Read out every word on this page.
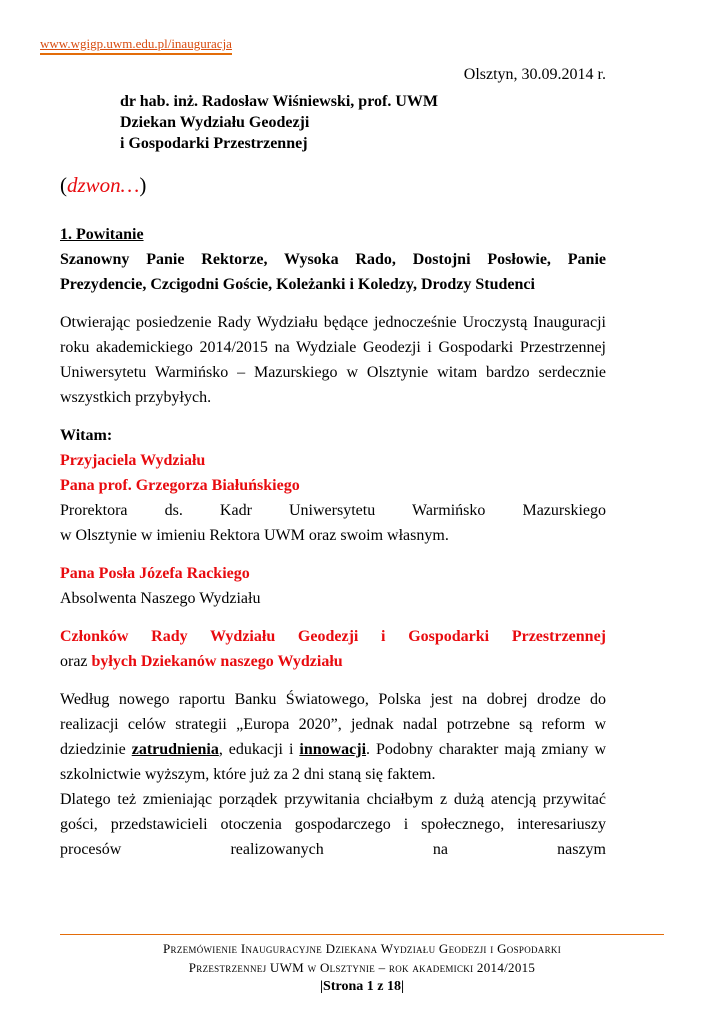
www.wgigp.uwm.edu.pl/inauguracja
Olsztyn, 30.09.2014 r.
dr hab. inż. Radosław Wiśniewski, prof. UWM
Dziekan Wydziału Geodezji
i Gospodarki Przestrzennej
(dzwon…)
1. Powitanie
Szanowny Panie Rektorze, Wysoka Rado, Dostojni Posłowie, Panie Prezydencie, Czcigodni Goście, Koleżanki i Koledzy, Drodzy Studenci
Otwierając posiedzenie Rady Wydziału będące jednocześnie Uroczystą Inauguracji roku akademickiego 2014/2015 na Wydziale Geodezji i Gospodarki Przestrzennej Uniwersytetu Warmińsko – Mazurskiego w Olsztynie witam bardzo serdecznie wszystkich przybyłych.
Witam:
Przyjaciela Wydziału
Pana prof. Grzegorza Białuńskiego
Prorektora ds. Kadr Uniwersytetu Warmińsko Mazurskiego
w Olsztynie w imieniu Rektora UWM oraz swoim własnym.
Pana Posła Józefa Rackiego
Absolwenta Naszego Wydziału
Członków Rady Wydziału Geodezji i Gospodarki Przestrzennej
oraz byłych Dziekanów naszego Wydziału
Według nowego raportu Banku Światowego, Polska jest na dobrej drodze do realizacji celów strategii „Europa 2020”, jednak nadal potrzebne są reform w dziedzinie zatrudnienia, edukacji i innowacji. Podobny charakter mają zmiany w szkolnictwie wyższym, które już za 2 dni staną się faktem.
Dlatego też zmieniając porządek przywitania chciałbym z dużą atencją przywitać gości, przedstawicieli otoczenia gospodarczego i społecznego, interesariuszy procesów realizowanych na naszym
Przemówienie Inauguracyjne Dziekana Wydziału Geodezji i Gospodarki
Przestrzennej UWM w Olsztynie – rok akademicki 2014/2015
|Strona 1 z 18|
